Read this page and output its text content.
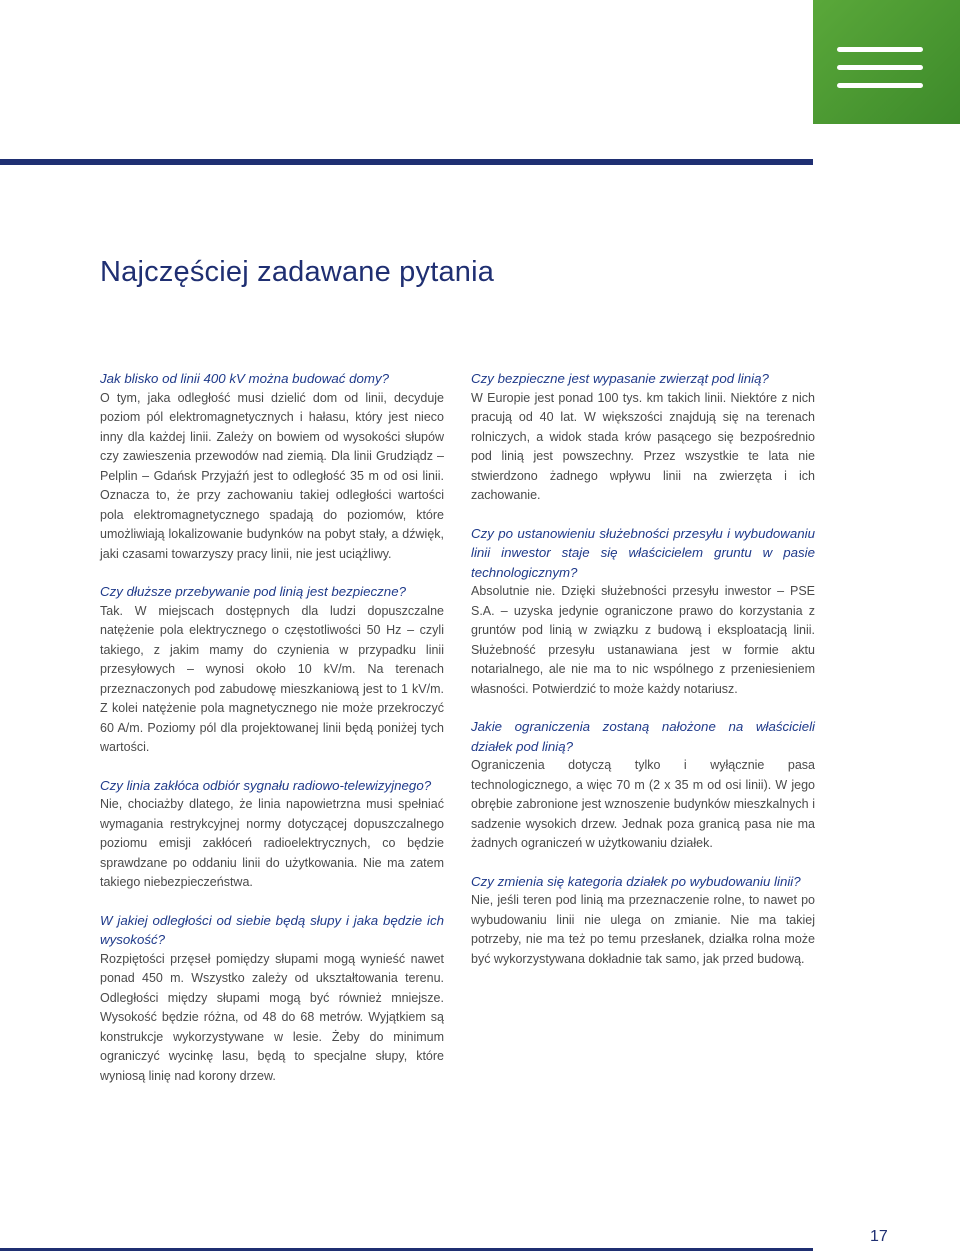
Najczęściej zadawane pytania

Jak blisko od linii 400 kV można budować domy?

O tym, jaka odległość musi dzielić dom od linii, decyduje poziom pól elektromagnetycznych i hałasu, który jest nieco inny dla każdej linii. Zależy on bowiem od wysokości słupów czy zawieszenia przewodów nad ziemią. Dla linii Grudziądz – Pelplin – Gdańsk Przyjaźń jest to odległość 35 m od osi linii. Oznacza to, że przy zachowaniu takiej odległości wartości pola elektromagnetycznego spadają do poziomów, które umożliwiają lokalizowanie budynków na pobyt stały, a dźwięk, jaki czasami towarzyszy pracy linii, nie jest uciążliwy.

Czy dłuższe przebywanie pod linią jest bezpieczne?

Tak. W miejscach dostępnych dla ludzi dopuszczalne natężenie pola elektrycznego o częstotliwości 50 Hz – czyli takiego, z jakim mamy do czynienia w przypadku linii przesyłowych – wynosi około 10 kV/m. Na terenach przeznaczonych pod zabudowę mieszkaniową jest to 1 kV/m. Z kolei natężenie pola magnetycznego nie może przekroczyć 60 A/m. Poziomy pól dla projektowanej linii będą poniżej tych wartości.

Czy linia zakłóca odbiór sygnału radiowo-telewizyjnego?

Nie, chociażby dlatego, że linia napowietrzna musi spełniać wymagania restrykcyjnej normy dotyczącej dopuszczalnego poziomu emisji zakłóceń radioelektrycznych, co będzie sprawdzane po oddaniu linii do użytkowania. Nie ma zatem takiego niebezpieczeństwa.

W jakiej odległości od siebie będą słupy i jaka będzie ich wysokość?

Rozpiętości przęseł pomiędzy słupami mogą wynieść nawet ponad 450 m. Wszystko zależy od ukształtowania terenu. Odległości między słupami mogą być również mniejsze. Wysokość będzie różna, od 48 do 68 metrów. Wyjątkiem są konstrukcje wykorzystywane w lesie. Żeby do minimum ograniczyć wycinkę lasu, będą to specjalne słupy, które wyniosą linię nad korony drzew.

Czy bezpieczne jest wypasanie zwierząt pod linią?

W Europie jest ponad 100 tys. km takich linii. Niektóre z nich pracują od 40 lat. W większości znajdują się na terenach rolniczych, a widok stada krów pasącego się bezpośrednio pod linią jest powszechny. Przez wszystkie te lata nie stwierdzono żadnego wpływu linii na zwierzęta i ich zachowanie.

Czy po ustanowieniu służebności przesyłu i wybudowaniu linii inwestor staje się właścicielem gruntu w pasie technologicznym?

Absolutnie nie. Dzięki służebności przesyłu inwestor – PSE S.A. – uzyska jedynie ograniczone prawo do korzystania z gruntów pod linią w związku z budową i eksploatacją linii. Służebność przesyłu ustanawiana jest w formie aktu notarialnego, ale nie ma to nic wspólnego z przeniesieniem własności. Potwierdzić to może każdy notariusz.

Jakie ograniczenia zostaną nałożone na właścicieli działek pod linią?

Ograniczenia dotyczą tylko i wyłącznie pasa technologicznego, a więc 70 m (2 x 35 m od osi linii). W jego obrębie zabronione jest wznoszenie budynków mieszkalnych i sadzenie wysokich drzew. Jednak poza granicą pasa nie ma żadnych ograniczeń w użytkowaniu działek.

Czy zmienia się kategoria działek po wybudowaniu linii?

Nie, jeśli teren pod linią ma przeznaczenie rolne, to nawet po wybudowaniu linii nie ulega on zmianie. Nie ma takiej potrzeby, nie ma też po temu przesłanek, działka rolna może być wykorzystywana dokładnie tak samo, jak przed budową.

17
